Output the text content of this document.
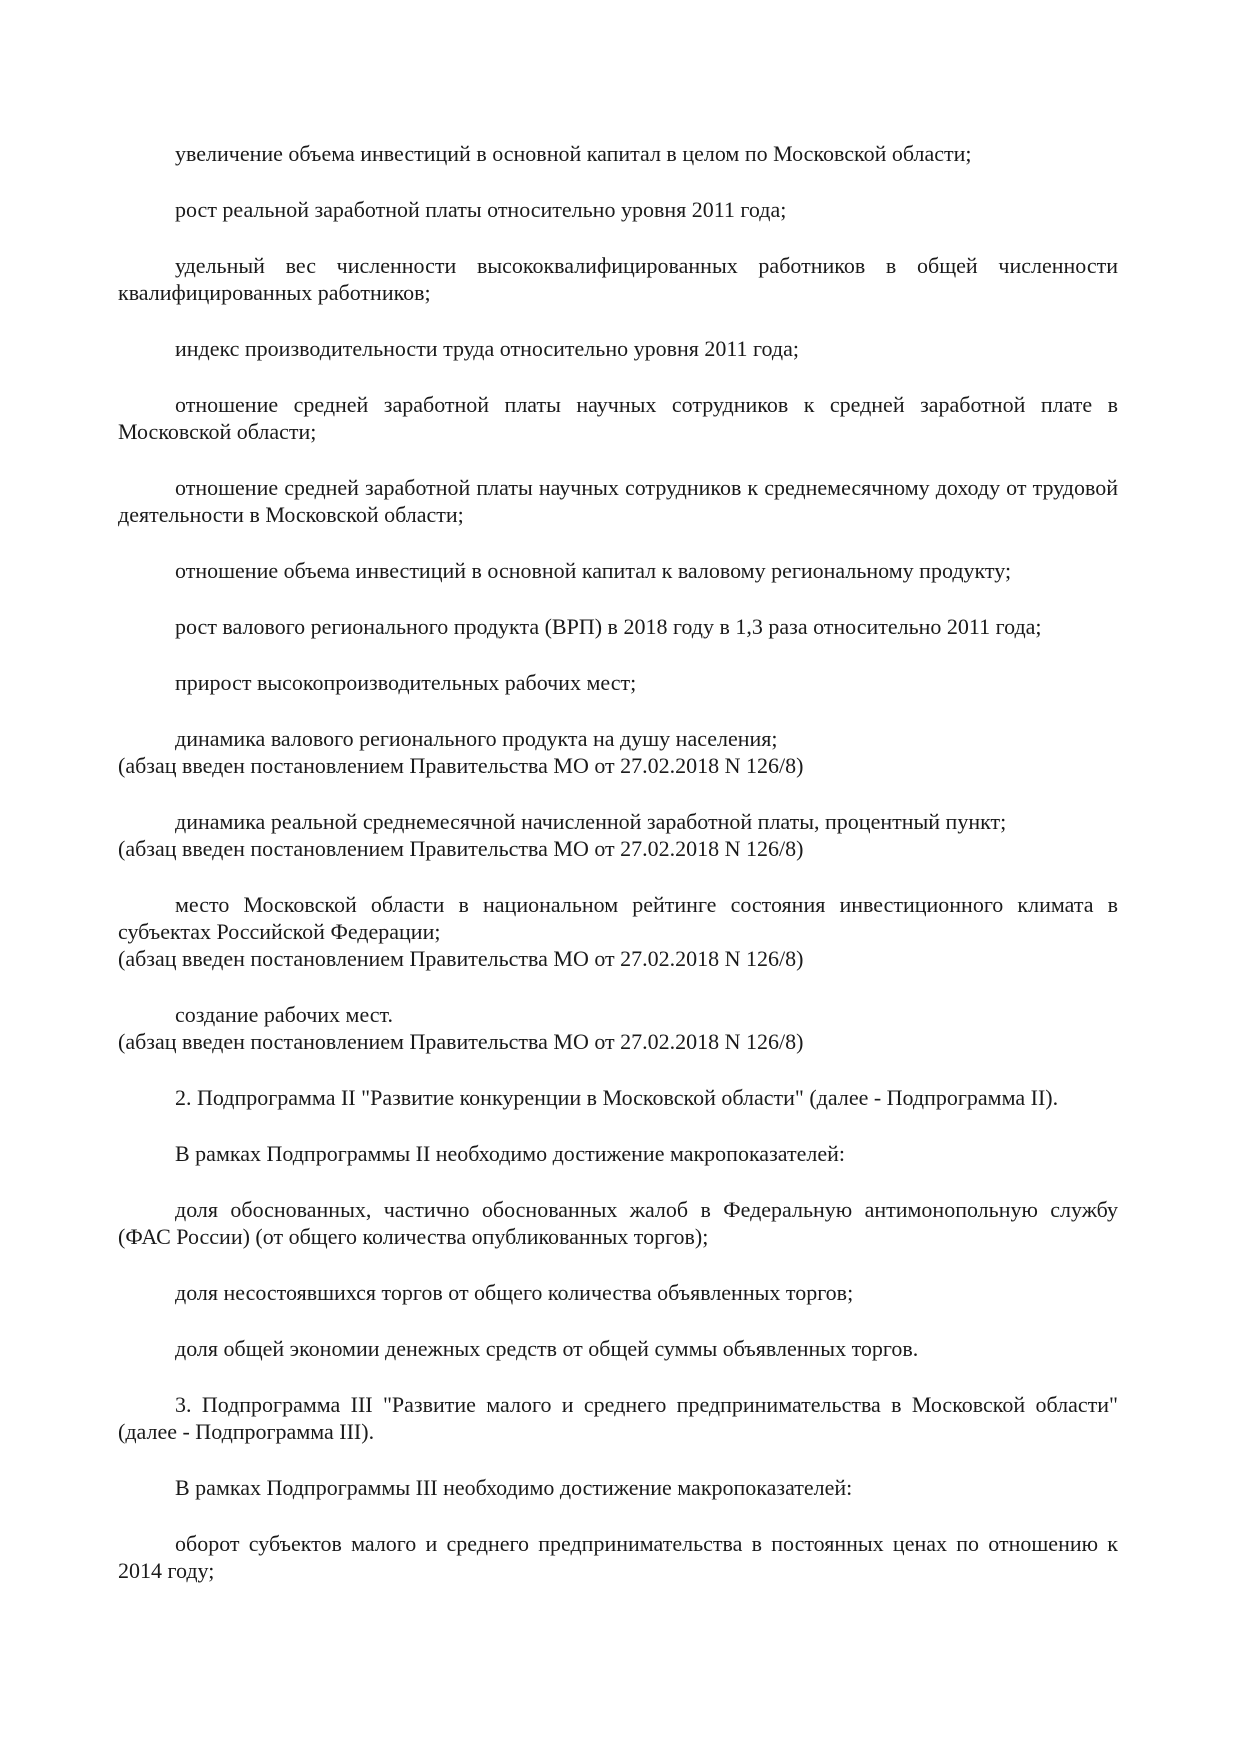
увеличение объема инвестиций в основной капитал в целом по Московской области;

рост реальной заработной платы относительно уровня 2011 года;

удельный вес численности высококвалифицированных работников в общей численности квалифицированных работников;

индекс производительности труда относительно уровня 2011 года;

отношение средней заработной платы научных сотрудников к средней заработной плате в Московской области;

отношение средней заработной платы научных сотрудников к среднемесячному доходу от трудовой деятельности в Московской области;

отношение объема инвестиций в основной капитал к валовому региональному продукту;

рост валового регионального продукта (ВРП) в 2018 году в 1,3 раза относительно 2011 года;

прирост высокопроизводительных рабочих мест;

динамика валового регионального продукта на душу населения;
(абзац введен постановлением Правительства МО от 27.02.2018 N 126/8)

динамика реальной среднемесячной начисленной заработной платы, процентный пункт;
(абзац введен постановлением Правительства МО от 27.02.2018 N 126/8)

место Московской области в национальном рейтинге состояния инвестиционного климата в субъектах Российской Федерации;
(абзац введен постановлением Правительства МО от 27.02.2018 N 126/8)

создание рабочих мест.
(абзац введен постановлением Правительства МО от 27.02.2018 N 126/8)

2. Подпрограмма II "Развитие конкуренции в Московской области" (далее - Подпрограмма II).

В рамках Подпрограммы II необходимо достижение макропоказателей:

доля обоснованных, частично обоснованных жалоб в Федеральную антимонопольную службу (ФАС России) (от общего количества опубликованных торгов);

доля несостоявшихся торгов от общего количества объявленных торгов;

доля общей экономии денежных средств от общей суммы объявленных торгов.

3. Подпрограмма III "Развитие малого и среднего предпринимательства в Московской области" (далее - Подпрограмма III).

В рамках Подпрограммы III необходимо достижение макропоказателей:

оборот субъектов малого и среднего предпринимательства в постоянных ценах по отношению к 2014 году;
